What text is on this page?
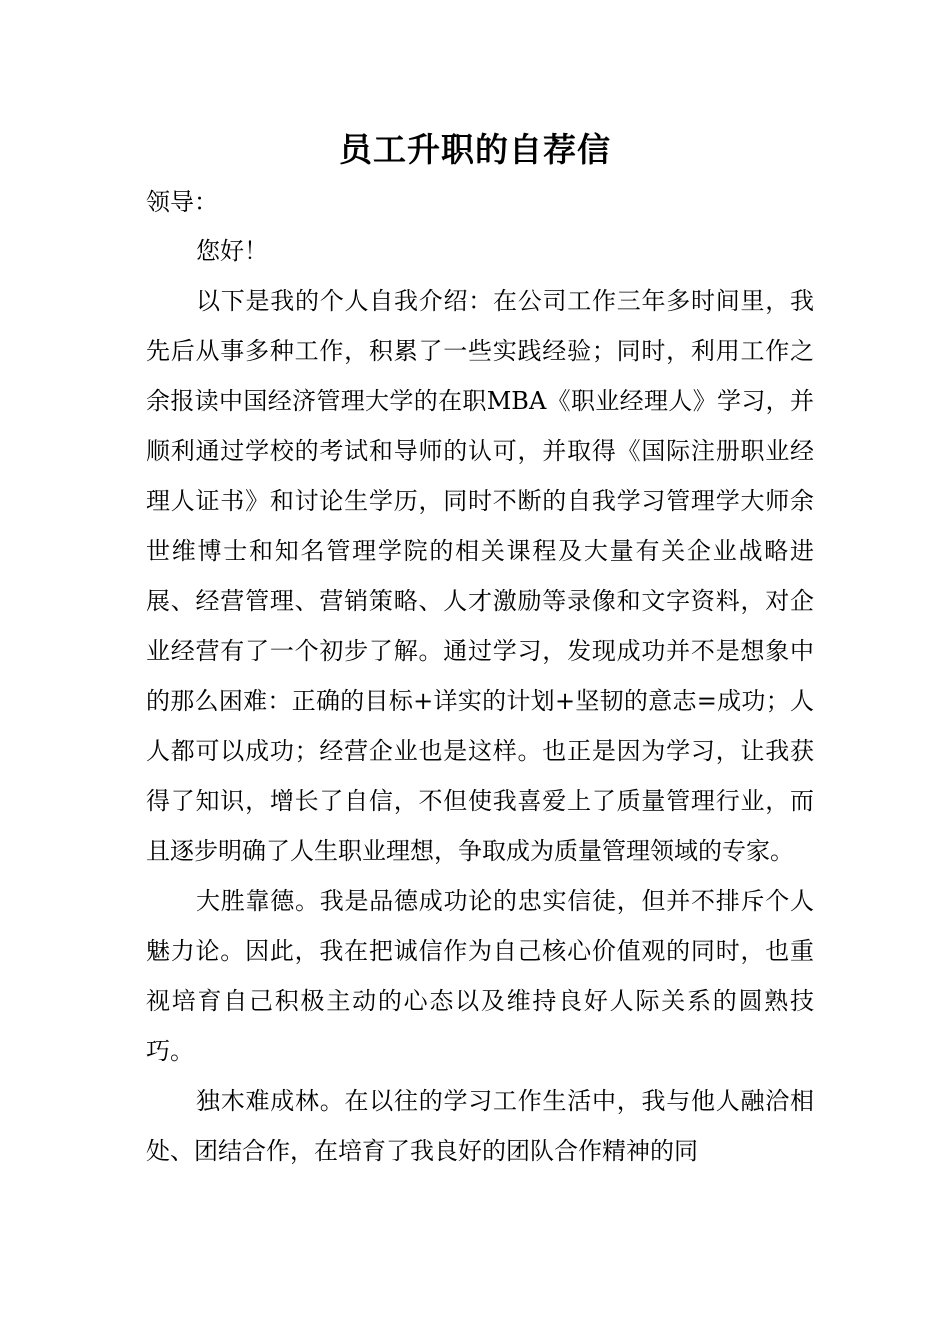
员工升职的自荐信
领导：

您好！

以下是我的个人自我介绍：在公司工作三年多时间里，我先后从事多种工作，积累了一些实践经验；同时，利用工作之余报读中国经济管理大学的在职MBA《职业经理人》学习，并顺利通过学校的考试和导师的认可，并取得《国际注册职业经理人证书》和讨论生学历，同时不断的自我学习管理学大师余世维博士和知名管理学院的相关课程及大量有关企业战略进展、经营管理、营销策略、人才激励等录像和文字资料，对企业经营有了一个初步了解。通过学习，发现成功并不是想象中的那么困难：正确的目标+详实的计划+坚韧的意志=成功；人人都可以成功；经营企业也是这样。也正是因为学习，让我获得了知识，增长了自信，不但使我喜爱上了质量管理行业，而且逐步明确了人生职业理想，争取成为质量管理领域的专家。

大胜靠德。我是品德成功论的忠实信徒，但并不排斥个人魅力论。因此，我在把诚信作为自己核心价值观的同时，也重视培育自己积极主动的心态以及维持良好人际关系的圆熟技巧。

独木难成林。在以往的学习工作生活中，我与他人融洽相处、团结合作，在培育了我良好的团队合作精神的同
